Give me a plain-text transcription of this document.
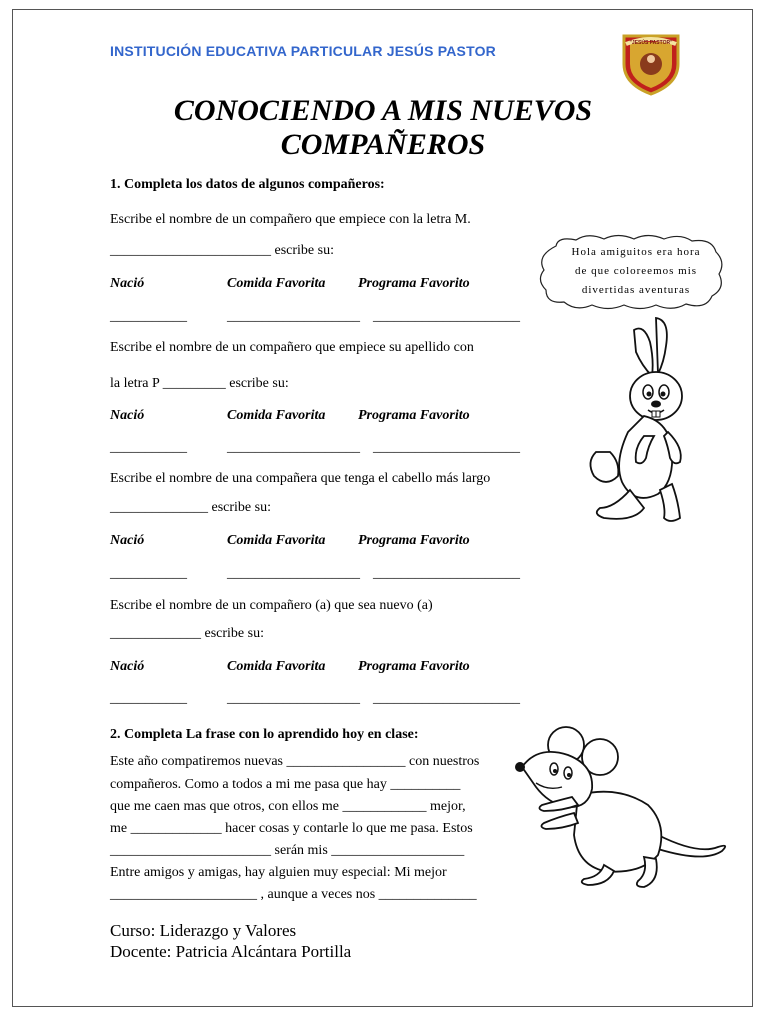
INSTITUCIÓN EDUCATIVA PARTICULAR JESÚS PASTOR	"JESÚS PASTOR"
CONOCIENDO A MIS NUEVOS
COMPAÑEROS
1. Completa los datos de algunos compañeros:
Escribe el nombre de un compañero que empiece con la letra M.
_______________________ escribe su:
Nació	Comida Favorita Programa Favorito
___________	___________________ _____________________
Escribe el nombre de un compañero que empiece su apellido con
la letra P _________ escribe su:
Nació	Comida Favorita Programa Favorito
___________	___________________ _____________________
Escribe el nombre de una compañera que tenga el cabello más largo
______________ escribe su:
Nació	Comida Favorita Programa Favorito
___________	___________________ _____________________
Escribe el nombre de un compañero (a) que sea nuevo (a)
_____________ escribe su:
Nació	Comida Favorita Programa Favorito
___________	___________________ _____________________
Hola amiguitos era hora
de que coloreemos mis
divertidas aventuras
2. Completa La frase con lo aprendido hoy en clase:
Este año compatiremos nuevas _________________ con nuestros
compañeros. Como a todos a mi me pasa que hay __________
que me caen mas que otros, con ellos me ____________ mejor,
me _____________ hacer cosas y contarle lo que me pasa. Estos
_______________________ serán mis ___________________
Entre amigos y amigas, hay alguien muy especial: Mi mejor
_____________________ , aunque a veces nos ______________
Curso: Liderazgo y Valores
Docente: Patricia Alcántara Portilla
